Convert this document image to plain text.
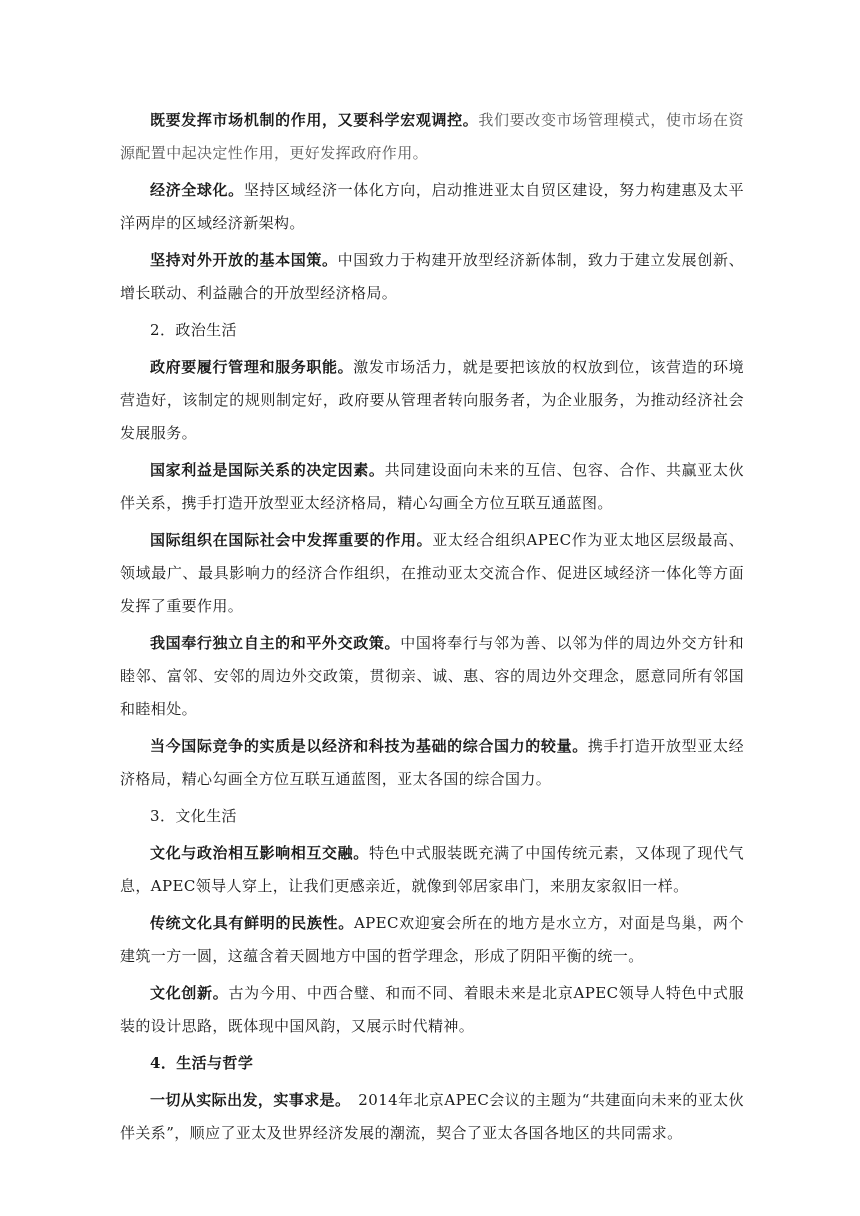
既要发挥市场机制的作用，又要科学宏观调控。我们要改变市场管理模式，使市场在资源配置中起决定性作用，更好发挥政府作用。

经济全球化。坚持区域经济一体化方向，启动推进亚太自贸区建设，努力构建惠及太平洋两岸的区域经济新架构。

坚持对外开放的基本国策。中国致力于构建开放型经济新体制，致力于建立发展创新、增长联动、利益融合的开放型经济格局。

2．政治生活

政府要履行管理和服务职能。激发市场活力，就是要把该放的权放到位，该营造的环境营造好，该制定的规则制定好，政府要从管理者转向服务者，为企业服务，为推动经济社会发展服务。

国家利益是国际关系的决定因素。共同建设面向未来的互信、包容、合作、共赢亚太伙伴关系，携手打造开放型亚太经济格局，精心勾画全方位互联互通蓝图。

国际组织在国际社会中发挥重要的作用。亚太经合组织APEC作为亚太地区层级最高、领域最广、最具影响力的经济合作组织，在推动亚太交流合作、促进区域经济一体化等方面发挥了重要作用。

我国奉行独立自主的和平外交政策。中国将奉行与邻为善、以邻为伴的周边外交方针和睦邻、富邻、安邻的周边外交政策，贯彻亲、诚、惠、容的周边外交理念，愿意同所有邻国和睦相处。

当今国际竞争的实质是以经济和科技为基础的综合国力的较量。携手打造开放型亚太经济格局，精心勾画全方位互联互通蓝图，亚太各国的综合国力。

3．文化生活

文化与政治相互影响相互交融。特色中式服装既充满了中国传统元素，又体现了现代气息，APEC领导人穿上，让我们更感亲近，就像到邻居家串门，来朋友家叙旧一样。

传统文化具有鲜明的民族性。APEC欢迎宴会所在的地方是水立方，对面是鸟巢，两个建筑一方一圆，这蕴含着天圆地方中国的哲学理念，形成了阴阳平衡的统一。

文化创新。古为今用、中西合璧、和而不同、着眼未来是北京APEC领导人特色中式服装的设计思路，既体现中国风韵，又展示时代精神。

4．生活与哲学

一切从实际出发，实事求是。　2014年北京APEC会议的主题为“共建面向未来的亚太伙伴关系”，顺应了亚太及世界经济发展的潮流，契合了亚太各国各地区的共同需求。
